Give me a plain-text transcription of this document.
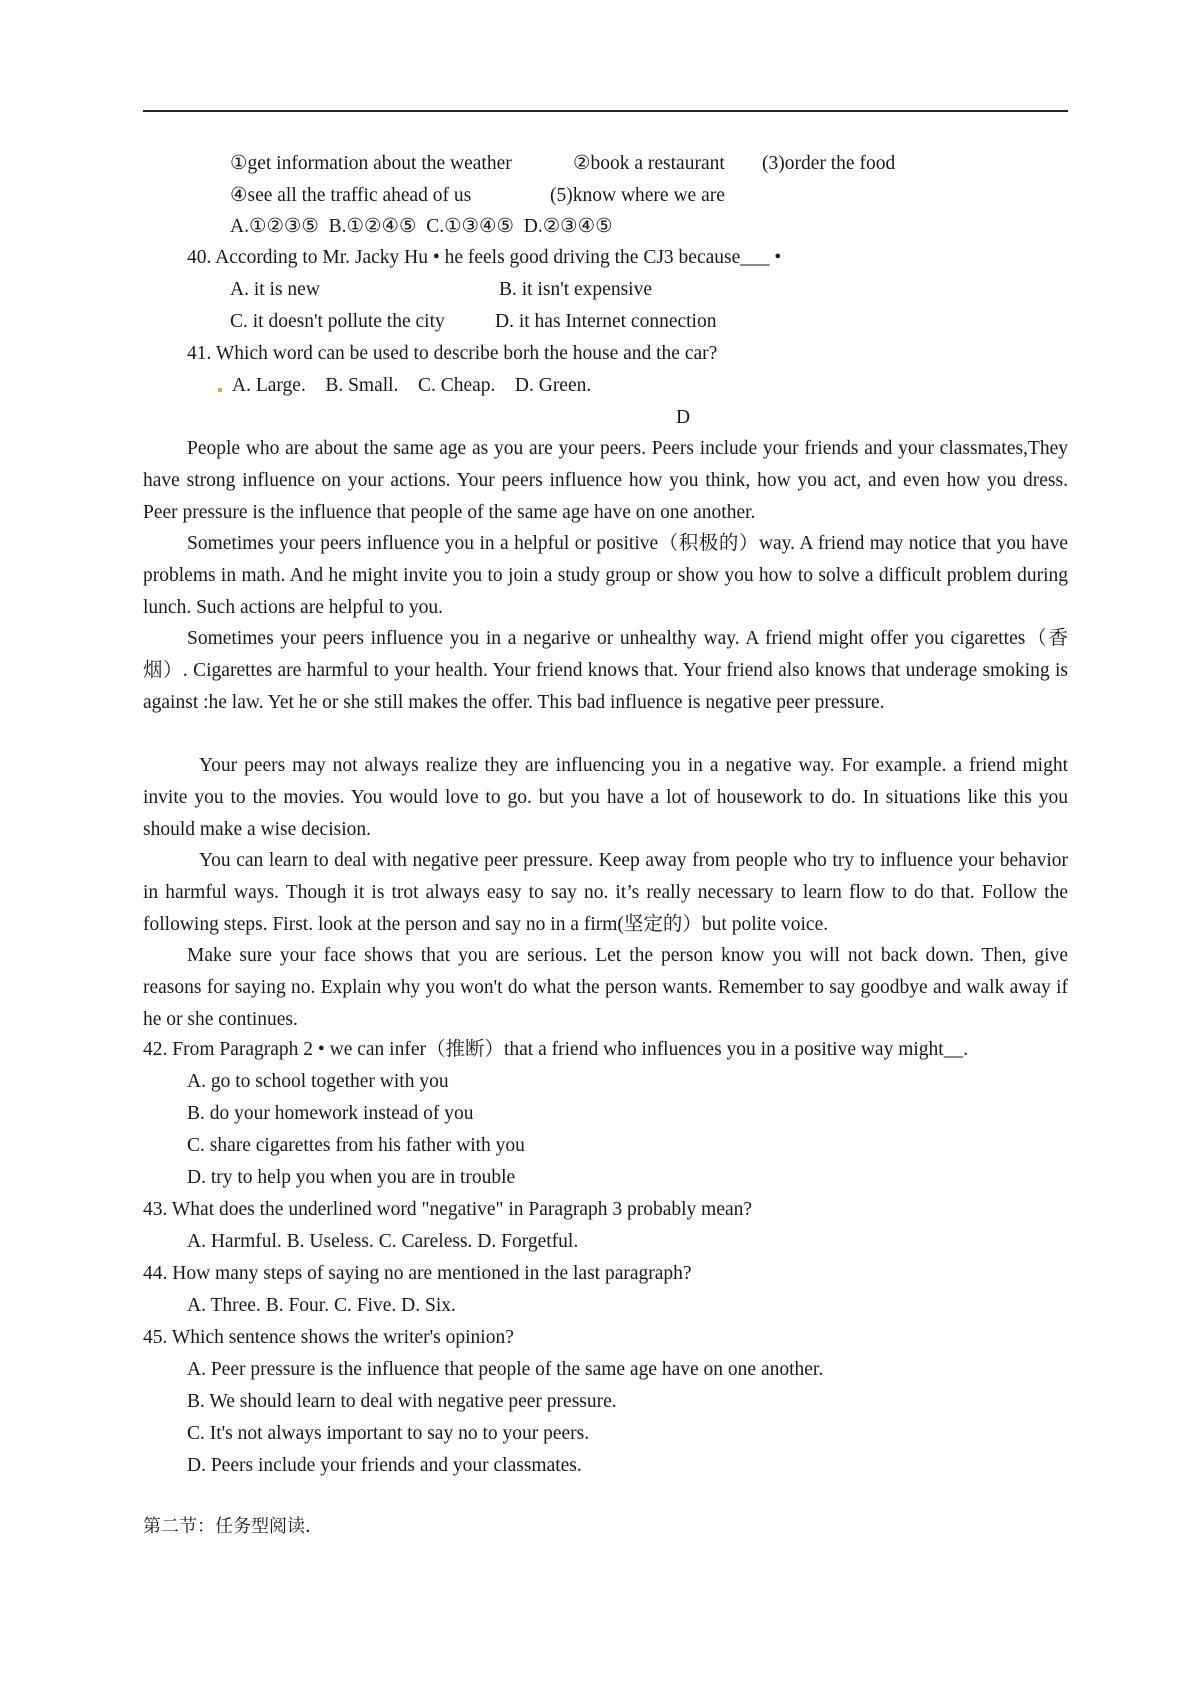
①get information about the weather	②book a restaurant (3)order the food
④see all the traffic ahead of us	(5)know where we are
A.①②③⑤  B.①②④⑤  C.①③④⑤  D.②③④⑤
40. According to Mr. Jacky Hu • he feels good driving the CJ3 because___ •
A. it is new	B. it isn't expensive
C. it doesn't pollute the city	D. it has Internet connection
41. Which word can be used to describe borh the house and the car?
A. Large.    B. Small.    C. Cheap.    D. Green.
D
People who are about the same age as you are your peers. Peers include your friends and your classmates,They have strong influence on your actions. Your peers influence how you think, how you act, and even how you dress. Peer pressure is the influence that people of the same age have on one another.
Sometimes your peers influence you in a helpful or positive（积极的）way. A friend may notice that you have problems in math. And he might invite you to join a study group or show you how to solve a difficult problem during lunch. Such actions are helpful to you.
Sometimes your peers influence you in a negarive or unhealthy way. A friend might offer you cigarettes（香烟）. Cigarettes are harmful to your health. Your friend knows that. Your friend also knows that underage smoking is against :he law. Yet he or she still makes the offer. This bad influence is negative peer pressure.
Your peers may not always realize they are influencing you in a negative way. For example. a friend might invite you to the movies. You would love to go. but you have a lot of housework to do. In situations like this you should make a wise decision.
You can learn to deal with negative peer pressure. Keep away from people who try to influence your behavior in harmful ways. Though it is trot always easy to say no. it’s really necessary to learn flow to do that. Follow the following steps. First. look at the person and say no in a firm(坚定的）but polite voice.
Make sure your face shows that you are serious. Let the person know you will not back down. Then, give reasons for saying no. Explain why you won't do what the person wants. Remember to say goodbye and walk away if he or she continues.
42. From Paragraph 2 • we can infer（推断）that a friend who influences you in a positive way might__.
A. go to school together with you
B. do your homework instead of you
C. share cigarettes from his father with you
D. try to help you when you are in trouble
43. What does the underlined word "negative" in Paragraph 3 probably mean?
A. Harmful. B. Useless. C. Careless. D. Forgetful.
44. How many steps of saying no are mentioned in the last paragraph?
A. Three. B. Four. C. Five. D. Six.
45. Which sentence shows the writer's opinion?
A. Peer pressure is the influence that people of the same age have on one another.
B. We should learn to deal with negative peer pressure.
C. It's not always important to say no to your peers.
D. Peers include your friends and your classmates.
第二节：任务型阅读．
